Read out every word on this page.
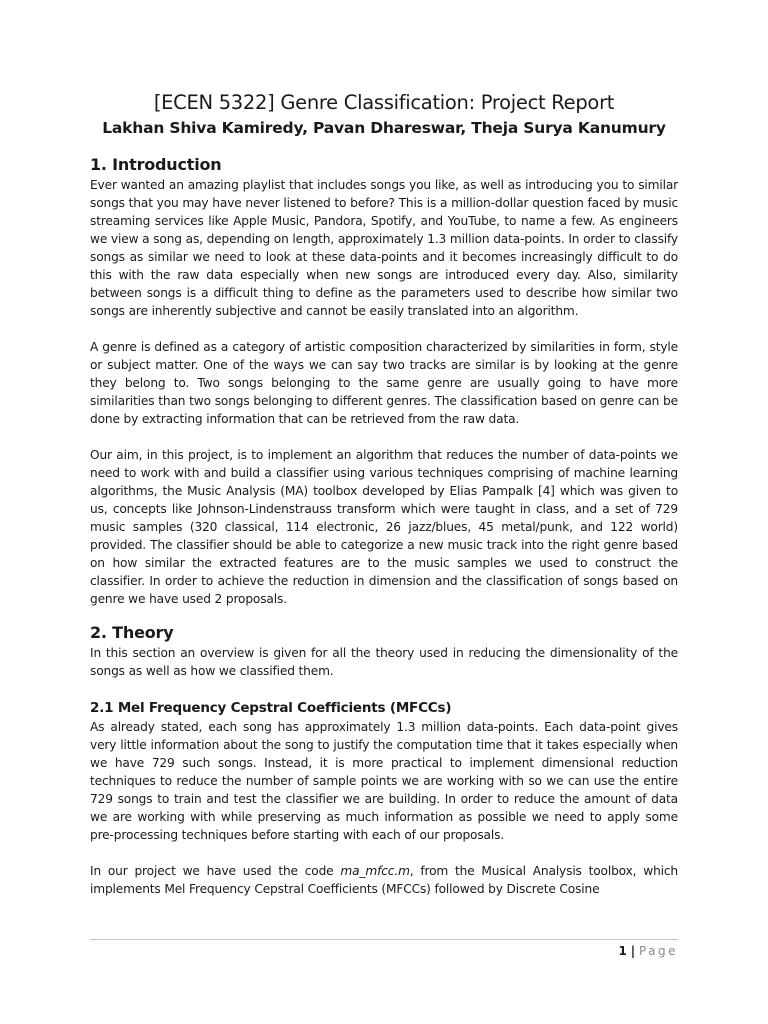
[ECEN 5322] Genre Classification: Project Report
Lakhan Shiva Kamiredy, Pavan Dhareswar, Theja Surya Kanumury
1. Introduction

Ever wanted an amazing playlist that includes songs you like, as well as introducing you to similar songs that you may have never listened to before? This is a million-dollar question faced by music streaming services like Apple Music, Pandora, Spotify, and YouTube, to name a few. As engineers we view a song as, depending on length, approximately 1.3 million data-points. In order to classify songs as similar we need to look at these data-points and it becomes increasingly difficult to do this with the raw data especially when new songs are introduced every day. Also, similarity between songs is a difficult thing to define as the parameters used to describe how similar two songs are inherently subjective and cannot be easily translated into an algorithm.

A genre is defined as a category of artistic composition characterized by similarities in form, style or subject matter. One of the ways we can say two tracks are similar is by looking at the genre they belong to. Two songs belonging to the same genre are usually going to have more similarities than two songs belonging to different genres. The classification based on genre can be done by extracting information that can be retrieved from the raw data.

Our aim, in this project, is to implement an algorithm that reduces the number of data-points we need to work with and build a classifier using various techniques comprising of machine learning algorithms, the Music Analysis (MA) toolbox developed by Elias Pampalk [4] which was given to us, concepts like Johnson-Lindenstrauss transform which were taught in class, and a set of 729 music samples (320 classical, 114 electronic, 26 jazz/blues, 45 metal/punk, and 122 world) provided. The classifier should be able to categorize a new music track into the right genre based on how similar the extracted features are to the music samples we used to construct the classifier. In order to achieve the reduction in dimension and the classification of songs based on genre we have used 2 proposals.

2. Theory

In this section an overview is given for all the theory used in reducing the dimensionality of the songs as well as how we classified them.

2.1 Mel Frequency Cepstral Coefficients (MFCCs)

As already stated, each song has approximately 1.3 million data-points. Each data-point gives very little information about the song to justify the computation time that it takes especially when we have 729 such songs. Instead, it is more practical to implement dimensional reduction techniques to reduce the number of sample points we are working with so we can use the entire 729 songs to train and test the classifier we are building. In order to reduce the amount of data we are working with while preserving as much information as possible we need to apply some pre-processing techniques before starting with each of our proposals.

In our project we have used the code ma_mfcc.m, from the Musical Analysis toolbox, which implements Mel Frequency Cepstral Coefficients (MFCCs) followed by Discrete Cosine

1 | Page
